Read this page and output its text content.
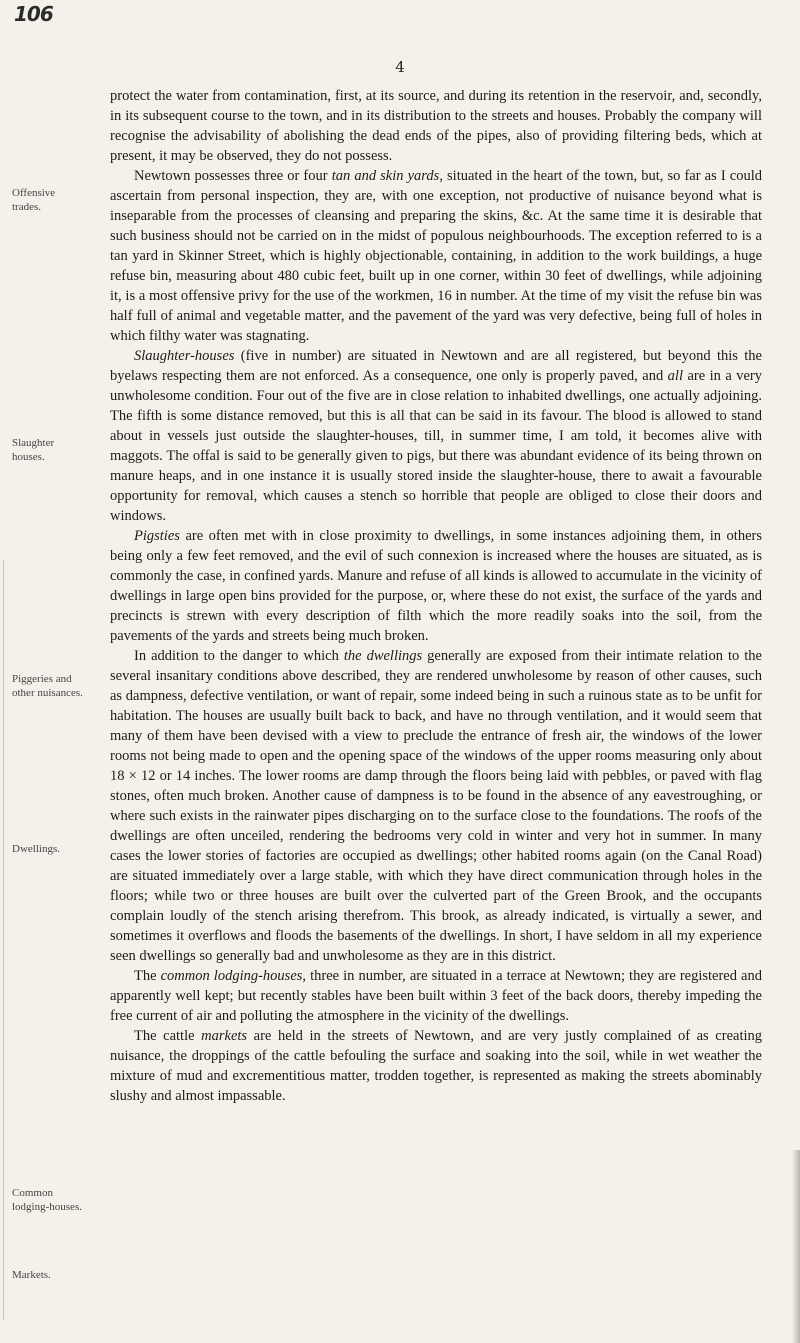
106
4
Offensive trades.
Slaughter houses.
Piggeries and other nuisances.
Dwellings.
Common lodging-houses.
Markets.

protect the water from contamination, first, at its source, and during its retention in the reservoir, and, secondly, in its subsequent course to the town, and in its distribution to the streets and houses. Probably the company will recognise the advisability of abolishing the dead ends of the pipes, also of providing filtering beds, which at present, it may be observed, they do not possess.

Newtown possesses three or four tan and skin yards, situated in the heart of the town, but, so far as I could ascertain from personal inspection, they are, with one exception, not productive of nuisance beyond what is inseparable from the processes of cleansing and preparing the skins, &c. At the same time it is desirable that such business should not be carried on in the midst of populous neighbourhoods. The exception referred to is a tan yard in Skinner Street, which is highly objectionable, containing, in addition to the work buildings, a huge refuse bin, measuring about 480 cubic feet, built up in one corner, within 30 feet of dwellings, while adjoining it, is a most offensive privy for the use of the workmen, 16 in number. At the time of my visit the refuse bin was half full of animal and vegetable matter, and the pavement of the yard was very defective, being full of holes in which filthy water was stagnating.

Slaughter-houses (five in number) are situated in Newtown and are all registered, but beyond this the byelaws respecting them are not enforced. As a consequence, one only is properly paved, and all are in a very unwholesome condition. Four out of the five are in close relation to inhabited dwellings, one actually adjoining. The fifth is some distance removed, but this is all that can be said in its favour. The blood is allowed to stand about in vessels just outside the slaughter-houses, till, in summer time, I am told, it becomes alive with maggots. The offal is said to be generally given to pigs, but there was abundant evidence of its being thrown on manure heaps, and in one instance it is usually stored inside the slaughter-house, there to await a favourable opportunity for removal, which causes a stench so horrible that people are obliged to close their doors and windows.

Pigsties are often met with in close proximity to dwellings, in some instances adjoining them, in others being only a few feet removed, and the evil of such connexion is increased where the houses are situated, as is commonly the case, in confined yards. Manure and refuse of all kinds is allowed to accumulate in the vicinity of dwellings in large open bins provided for the purpose, or, where these do not exist, the surface of the yards and precincts is strewn with every description of filth which the more readily soaks into the soil, from the pavements of the yards and streets being much broken.

In addition to the danger to which the dwellings generally are exposed from their intimate relation to the several insanitary conditions above described, they are rendered unwholesome by reason of other causes, such as dampness, defective ventilation, or want of repair, some indeed being in such a ruinous state as to be unfit for habitation. The houses are usually built back to back, and have no through ventilation, and it would seem that many of them have been devised with a view to preclude the entrance of fresh air, the windows of the lower rooms not being made to open and the opening space of the windows of the upper rooms measuring only about 18 × 12 or 14 inches. The lower rooms are damp through the floors being laid with pebbles, or paved with flag stones, often much broken. Another cause of dampness is to be found in the absence of any eavestroughing, or where such exists in the rainwater pipes discharging on to the surface close to the foundations. The roofs of the dwellings are often unceiled, rendering the bedrooms very cold in winter and very hot in summer. In many cases the lower stories of factories are occupied as dwellings; other habited rooms again (on the Canal Road) are situated immediately over a large stable, with which they have direct communication through holes in the floors; while two or three houses are built over the culverted part of the Green Brook, and the occupants complain loudly of the stench arising therefrom. This brook, as already indicated, is virtually a sewer, and sometimes it overflows and floods the basements of the dwellings. In short, I have seldom in all my experience seen dwellings so generally bad and unwholesome as they are in this district.

The common lodging-houses, three in number, are situated in a terrace at Newtown; they are registered and apparently well kept; but recently stables have been built within 3 feet of the back doors, thereby impeding the free current of air and polluting the atmosphere in the vicinity of the dwellings.

The cattle markets are held in the streets of Newtown, and are very justly complained of as creating nuisance, the droppings of the cattle befouling the surface and soaking into the soil, while in wet weather the mixture of mud and excrementitious matter, trodden together, is represented as making the streets abominably slushy and almost impassable.
